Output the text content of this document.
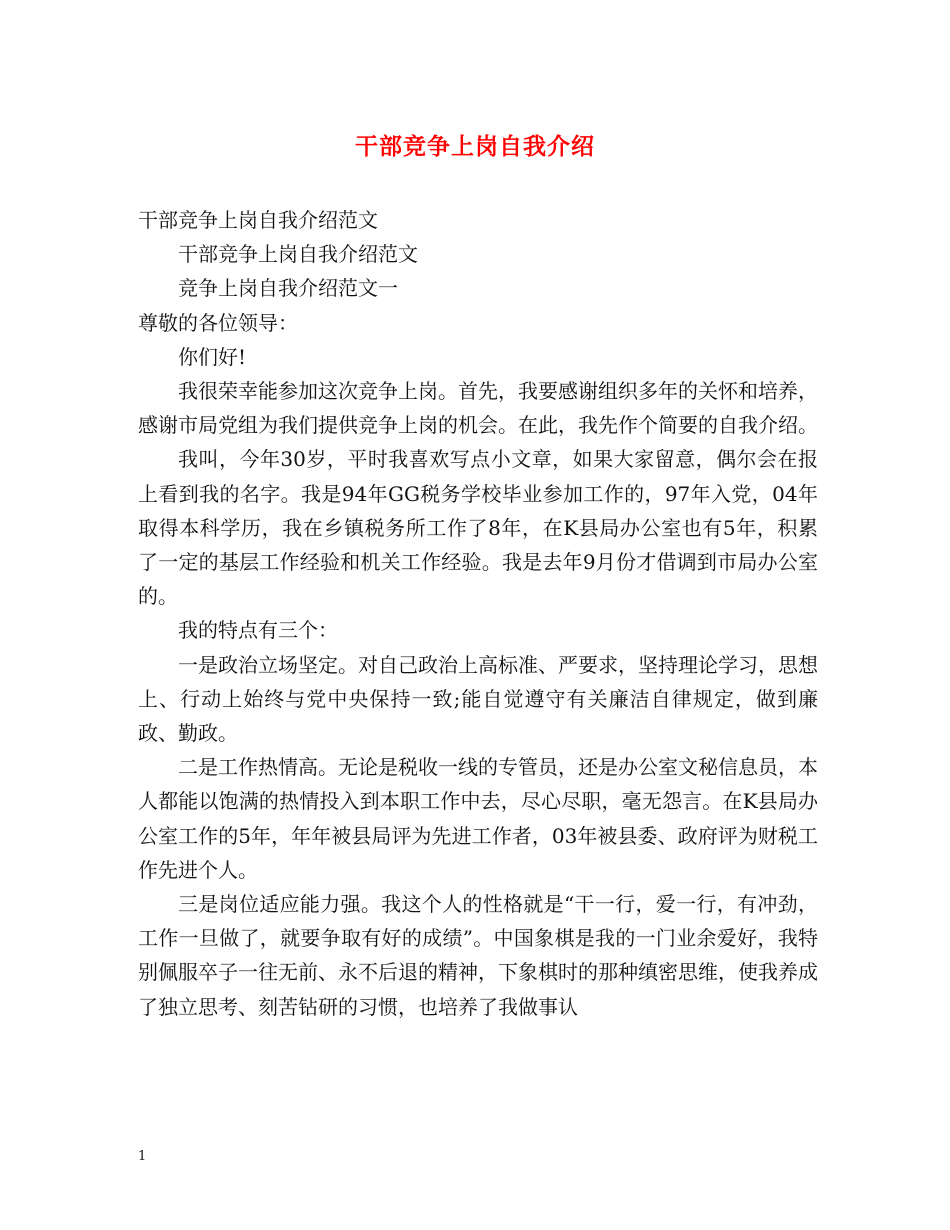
干部竞争上岗自我介绍

干部竞争上岗自我介绍范文

干部竞争上岗自我介绍范文

竞争上岗自我介绍范文一

尊敬的各位领导：

你们好!

我很荣幸能参加这次竞争上岗。首先，我要感谢组织多年的关怀和培养，感谢市局党组为我们提供竞争上岗的机会。在此，我先作个简要的自我介绍。

我叫，今年30岁，平时我喜欢写点小文章，如果大家留意，偶尔会在报上看到我的名字。我是94年GG税务学校毕业参加工作的，97年入党，04年取得本科学历，我在乡镇税务所工作了8年，在K县局办公室也有5年，积累了一定的基层工作经验和机关工作经验。我是去年9月份才借调到市局办公室的。

我的特点有三个：

一是政治立场坚定。对自己政治上高标准、严要求，坚持理论学习，思想上、行动上始终与党中央保持一致;能自觉遵守有关廉洁自律规定，做到廉政、勤政。

二是工作热情高。无论是税收一线的专管员，还是办公室文秘信息员，本人都能以饱满的热情投入到本职工作中去，尽心尽职，毫无怨言。在K县局办公室工作的5年，年年被县局评为先进工作者，03年被县委、政府评为财税工作先进个人。

三是岗位适应能力强。我这个人的性格就是“干一行，爱一行，有冲劲，工作一旦做了，就要争取有好的成绩”。中国象棋是我的一门业余爱好，我特别佩服卒子一往无前、永不后退的精神，下象棋时的那种缜密思维，使我养成了独立思考、刻苦钻研的习惯，也培养了我做事认

1
